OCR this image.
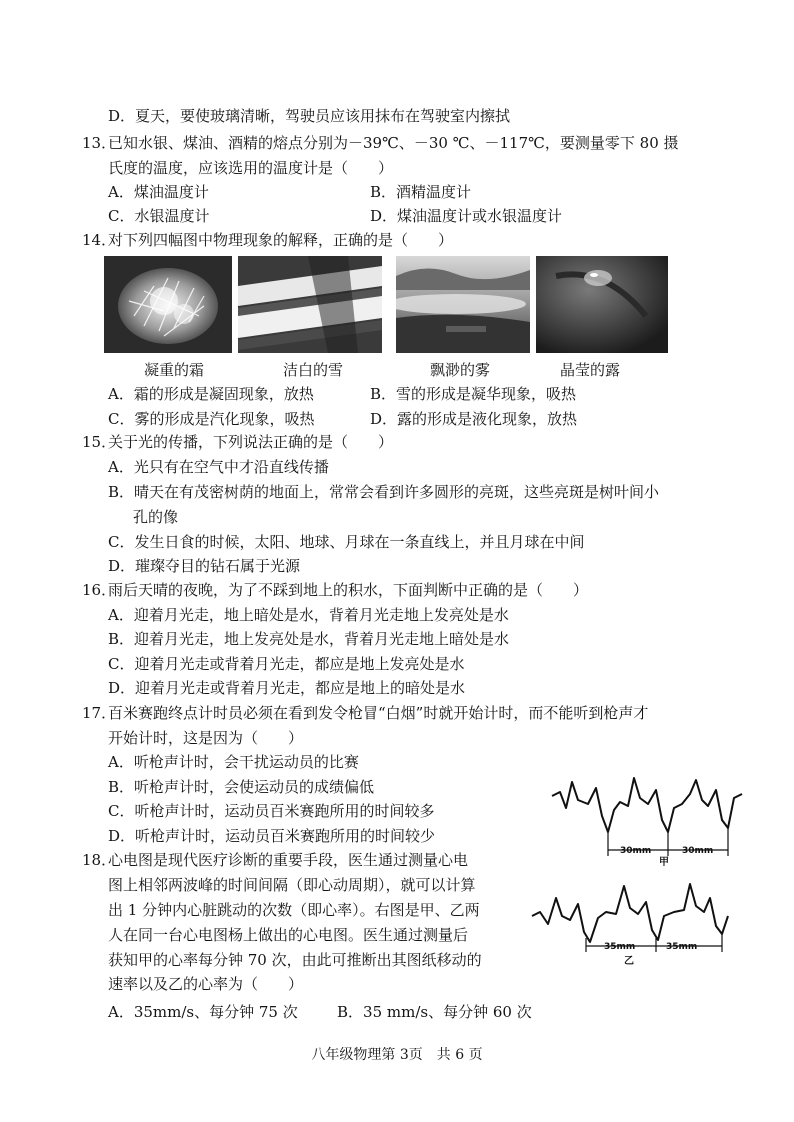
D．夏天，要使玻璃清晰，驾驶员应该用抹布在驾驶室内擦拭
13．
已知水银、煤油、酒精的熔点分别为－39℃、－30 ℃、－117℃，要测量零下 80 摄
氏度的温度，应该选用的温度计是（　　）
A．煤油温度计	B．酒精温度计
C．水银温度计	D．煤油温度计或水银温度计
14．
对下列四幅图中物理现象的解释，正确的是（　　）
凝重的霜	洁白的雪	飘渺的雾	晶莹的露
A．霜的形成是凝固现象，放热	B．雪的形成是凝华现象，吸热
C．雾的形成是汽化现象，吸热	D．露的形成是液化现象，放热
15．
关于光的传播，下列说法正确的是（　　）
A．光只有在空气中才沿直线传播
B．晴天在有茂密树荫的地面上，常常会看到许多圆形的亮斑，这些亮斑是树叶间小
孔的像
C．发生日食的时候，太阳、地球、月球在一条直线上，并且月球在中间
D．璀璨夺目的钻石属于光源
16．
雨后天晴的夜晚，为了不踩到地上的积水，下面判断中正确的是（　　）
A．迎着月光走，地上暗处是水，背着月光走地上发亮处是水
B．迎着月光走，地上发亮处是水，背着月光走地上暗处是水
C．迎着月光走或背着月光走，都应是地上发亮处是水
D．迎着月光走或背着月光走，都应是地上的暗处是水
17．
百米赛跑终点计时员必须在看到发令枪冒“白烟”时就开始计时，而不能听到枪声才
开始计时，这是因为（　　）
A．听枪声计时，会干扰运动员的比赛
B．听枪声计时，会使运动员的成绩偏低
C．听枪声计时，运动员百米赛跑所用的时间较多
D．听枪声计时，运动员百米赛跑所用的时间较少
30mm	30mm
甲
35mm	35mm
乙
18．
心电图是现代医疗诊断的重要手段，医生通过测量心电
图上相邻两波峰的时间间隔（即心动周期），就可以计算
出 1 分钟内心脏跳动的次数（即心率）。右图是甲、乙两
人在同一台心电图杨上做出的心电图。医生通过测量后
获知甲的心率每分钟 70 次，由此可推断出其图纸移动的
速率以及乙的心率为（　　）
A．35mm/s、每分钟 75 次	B．35 mm/s、每分钟 60 次
八年级物理第 3页　共 6 页
